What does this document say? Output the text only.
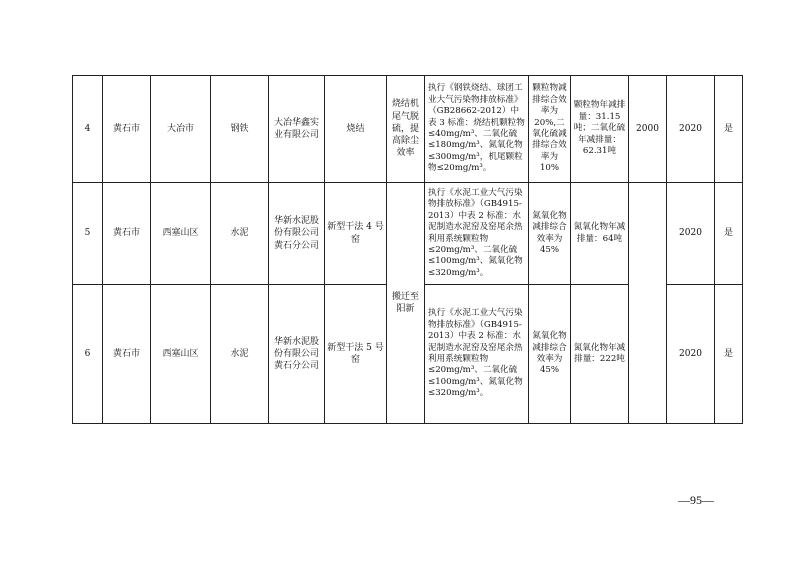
4	黄石市	大冶市	钢铁	大冶华鑫实业有限公司	烧结	烧结机尾气脱硫，提高除尘效率	执行《钢铁烧结、球团工业大气污染物排放标准》（GB28662-2012）中表 3 标准：烧结机颗粒物≤40mg/m³、二氧化硫≤180mg/m³、氮氧化物≤300mg/m³，机尾颗粒物≤20mg/m³。	颗粒物减排综合效率为20%,二氧化硫减排综合效率为 10%	颗粒物年减排量：31.15吨；二氧化硫年减排量：62.31吨	2000	2020	是
5	黄石市	西塞山区	水泥	华新水泥股份有限公司黄石分公司	新型干法 4 号窑	搬迁至阳新	执行《水泥工业大气污染物排放标准》（GB4915-2013）中表 2 标准：水泥制造水泥窑及窑尾余热利用系统颗粒物≤20mg/m³、二氧化硫≤100mg/m³、氮氧化物≤320mg/m³。	氮氧化物减排综合效率为45%	氮氧化物年减排量：64吨		2020	是
6	黄石市	西塞山区	水泥	华新水泥股份有限公司黄石分公司	新型干法 5 号窑		执行《水泥工业大气污染物排放标准》（GB4915-2013）中表 2 标准：水泥制造水泥窑及窑尾余热利用系统颗粒物≤20mg/m³、二氧化硫≤100mg/m³、氮氧化物≤320mg/m³。	氮氧化物减排综合效率为45%	氮氧化物年减排量：222吨		2020	是
—95—
